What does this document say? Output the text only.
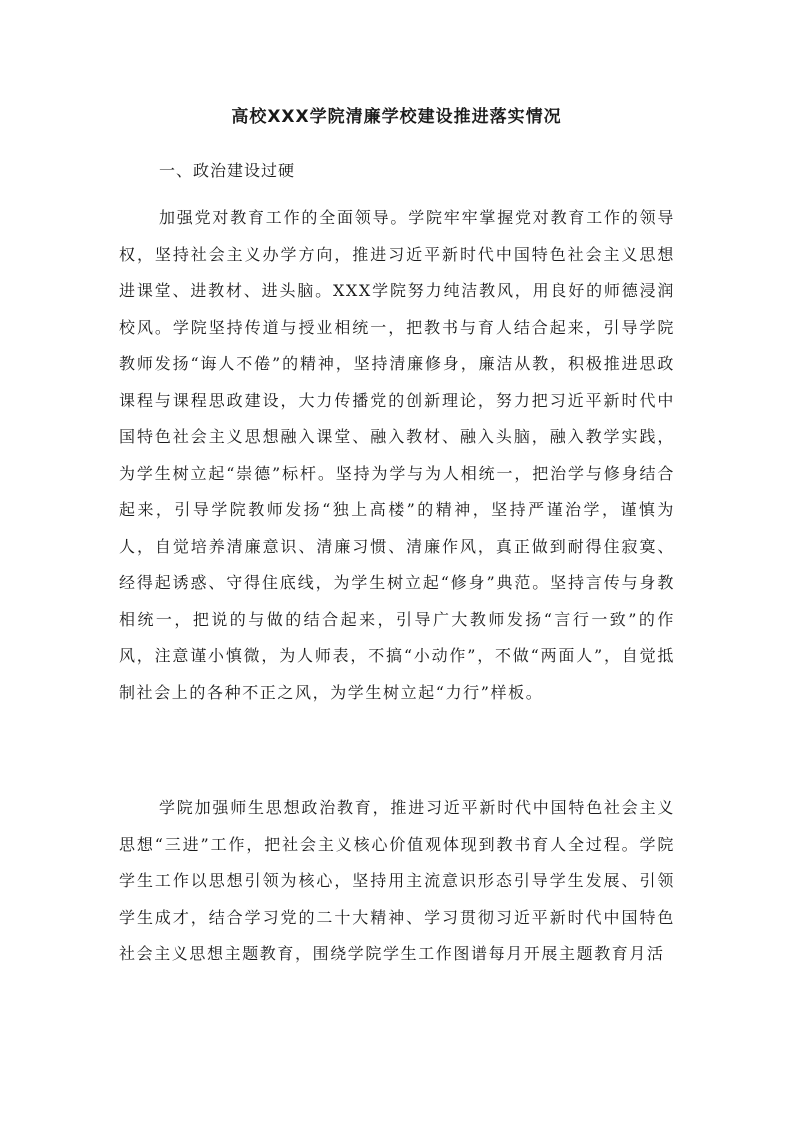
高校XXX学院清廉学校建设推进落实情况
一、政治建设过硬

加强党对教育工作的全面领导。学院牢牢掌握党对教育工作的领导权，坚持社会主义办学方向，推进习近平新时代中国特色社会主义思想进课堂、进教材、进头脑。XXX学院努力纯洁教风，用良好的师德浸润校风。学院坚持传道与授业相统一，把教书与育人结合起来，引导学院教师发扬“诲人不倦”的精神，坚持清廉修身，廉洁从教，积极推进思政课程与课程思政建设，大力传播党的创新理论，努力把习近平新时代中国特色社会主义思想融入课堂、融入教材、融入头脑，融入教学实践，为学生树立起“崇德”标杆。坚持为学与为人相统一，把治学与修身结合起来，引导学院教师发扬“独上高楼”的精神，坚持严谨治学，谨慎为人，自觉培养清廉意识、清廉习惯、清廉作风，真正做到耐得住寂寞、经得起诱惑、守得住底线，为学生树立起“修身”典范。坚持言传与身教相统一，把说的与做的结合起来，引导广大教师发扬“言行一致”的作风，注意谨小慎微，为人师表，不搞“小动作”，不做“两面人”，自觉抵制社会上的各种不正之风，为学生树立起“力行”样板。

学院加强师生思想政治教育，推进习近平新时代中国特色社会主义思想“三进”工作，把社会主义核心价值观体现到教书育人全过程。学院学生工作以思想引领为核心，坚持用主流意识形态引导学生发展、引领学生成才，结合学习党的二十大精神、学习贯彻习近平新时代中国特色社会主义思想主题教育，围绕学院学生工作图谱每月开展主题教育月活
